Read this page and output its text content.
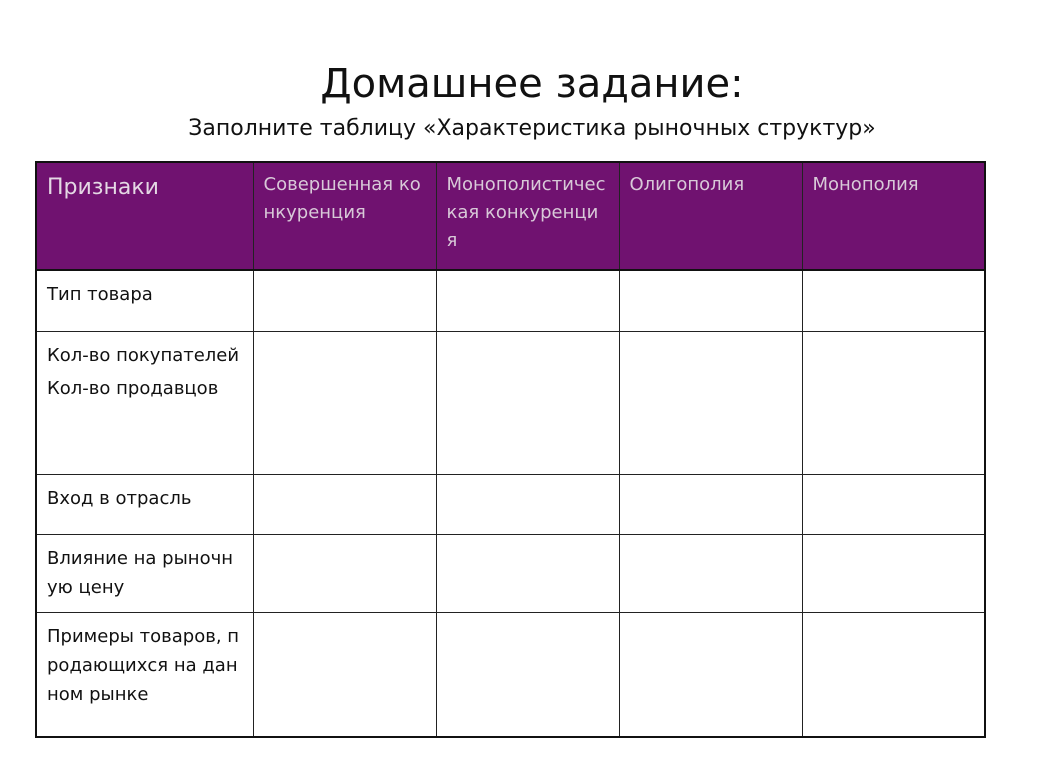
Домашнее задание:
Заполните таблицу «Характеристика рыночных структур»
Признаки	Совершенная конкуренция	Монополистическая конкуренция	Олигополия	Монополия

Тип товара				

Кол-во покупателей
Кол-во продавцов				

Вход в отрасль				

Влияние на рыночную цену				

Примеры товаров, продающихся на данном рынке				
